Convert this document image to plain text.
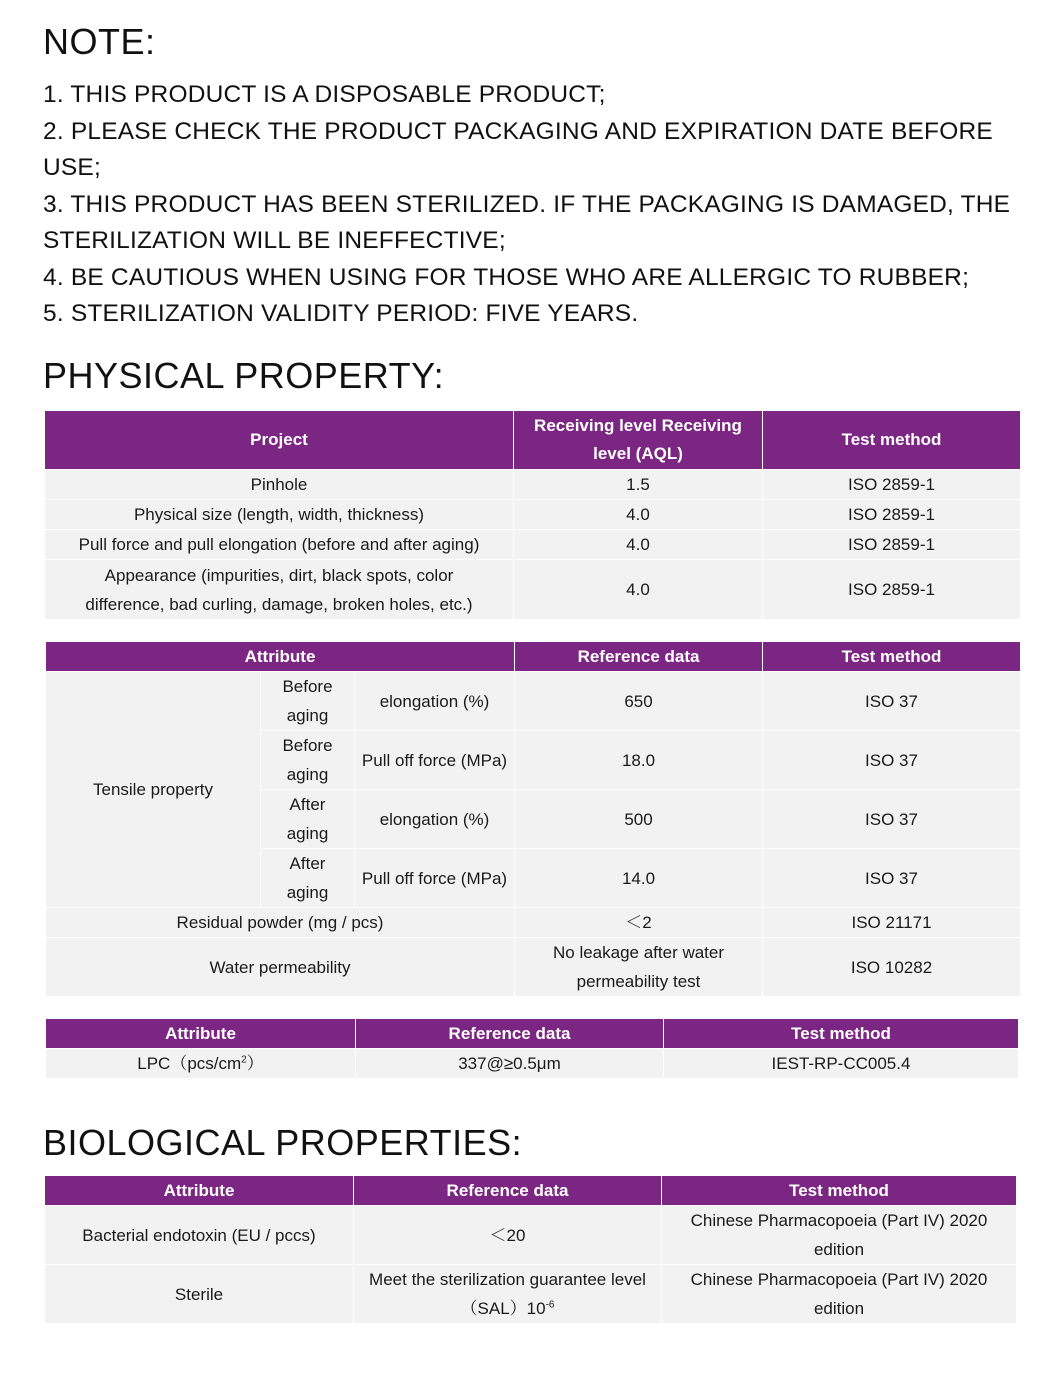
NOTE:
1. THIS PRODUCT IS A DISPOSABLE PRODUCT;
2. PLEASE CHECK THE PRODUCT PACKAGING AND EXPIRATION DATE BEFORE USE;
3. THIS PRODUCT HAS BEEN STERILIZED. IF THE PACKAGING IS DAMAGED, THE STERILIZATION WILL BE INEFFECTIVE;
4. BE CAUTIOUS WHEN USING FOR THOSE WHO ARE ALLERGIC TO RUBBER;
5. STERILIZATION VALIDITY PERIOD: FIVE YEARS.
PHYSICAL PROPERTY:
Project	Receiving level Receiving level (AQL)	Test method
Pinhole	1.5	ISO 2859-1
Physical size (length, width, thickness)	4.0	ISO 2859-1
Pull force and pull elongation (before and after aging)	4.0	ISO 2859-1
Appearance (impurities, dirt, black spots, color difference, bad curling, damage, broken holes, etc.)	4.0	ISO 2859-1
Attribute			Reference data	Test method
Tensile property	Before aging	elongation (%)	650	ISO 37
	Before aging	Pull off force (MPa)	18.0	ISO 37
	After aging	elongation (%)	500	ISO 37
	After aging	Pull off force (MPa)	14.0	ISO 37
Residual powder (mg / pcs)			＜2	ISO 21171
Water permeability			No leakage after water permeability test	ISO 10282
Attribute	Reference data	Test method
$LPC(pcs/cm^2)$	337@≥0.5μm	IEST-RP-CC005.4
BIOLOGICAL PROPERTIES:
Attribute	Reference data	Test method
Bacterial endotoxin (EU / pccs)	＜20	Chinese Pharmacopoeia (Part IV) 2020 edition
Sterile	Meet the sterilization guarantee $level(SAL)10^{-6}$	Chinese Pharmacopoeia (Part IV) 2020 edition
